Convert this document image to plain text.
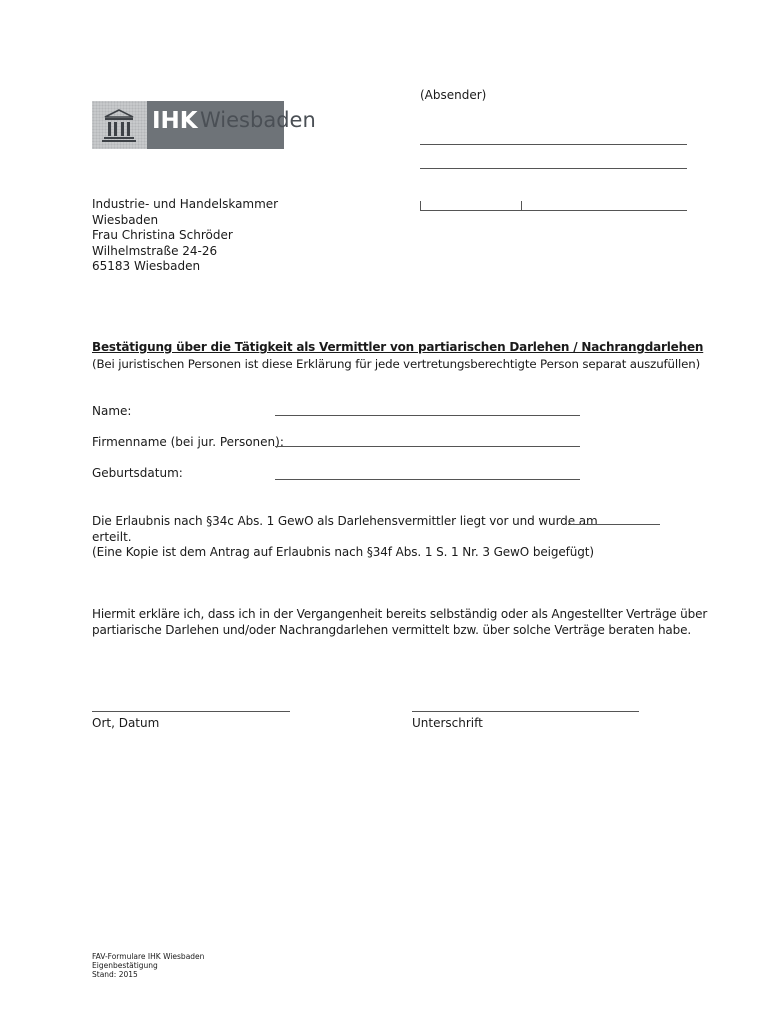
(Absender)
IHK Wiesbaden
Industrie- und Handelskammer
Wiesbaden
Frau Christina Schröder
Wilhelmstraße 24-26
65183 Wiesbaden
Bestätigung über die Tätigkeit als Vermittler von partiarischen Darlehen / Nachrangdarlehen
(Bei juristischen Personen ist diese Erklärung für jede vertretungsberechtigte Person separat auszufüllen)
Name:
Firmenname (bei jur. Personen):
Geburtsdatum:
Die Erlaubnis nach §34c Abs. 1 GewO als Darlehensvermittler liegt vor und wurde am
erteilt.
(Eine Kopie ist dem Antrag auf Erlaubnis nach §34f Abs. 1 S. 1 Nr. 3 GewO beigefügt)
Hiermit erkläre ich, dass ich in der Vergangenheit bereits selbständig oder als Angestellter Verträge über
partiarische Darlehen und/oder Nachrangdarlehen vermittelt bzw. über solche Verträge beraten habe.
Ort, Datum	Unterschrift
FAV-Formulare IHK Wiesbaden
Eigenbestätigung
Stand: 2015
